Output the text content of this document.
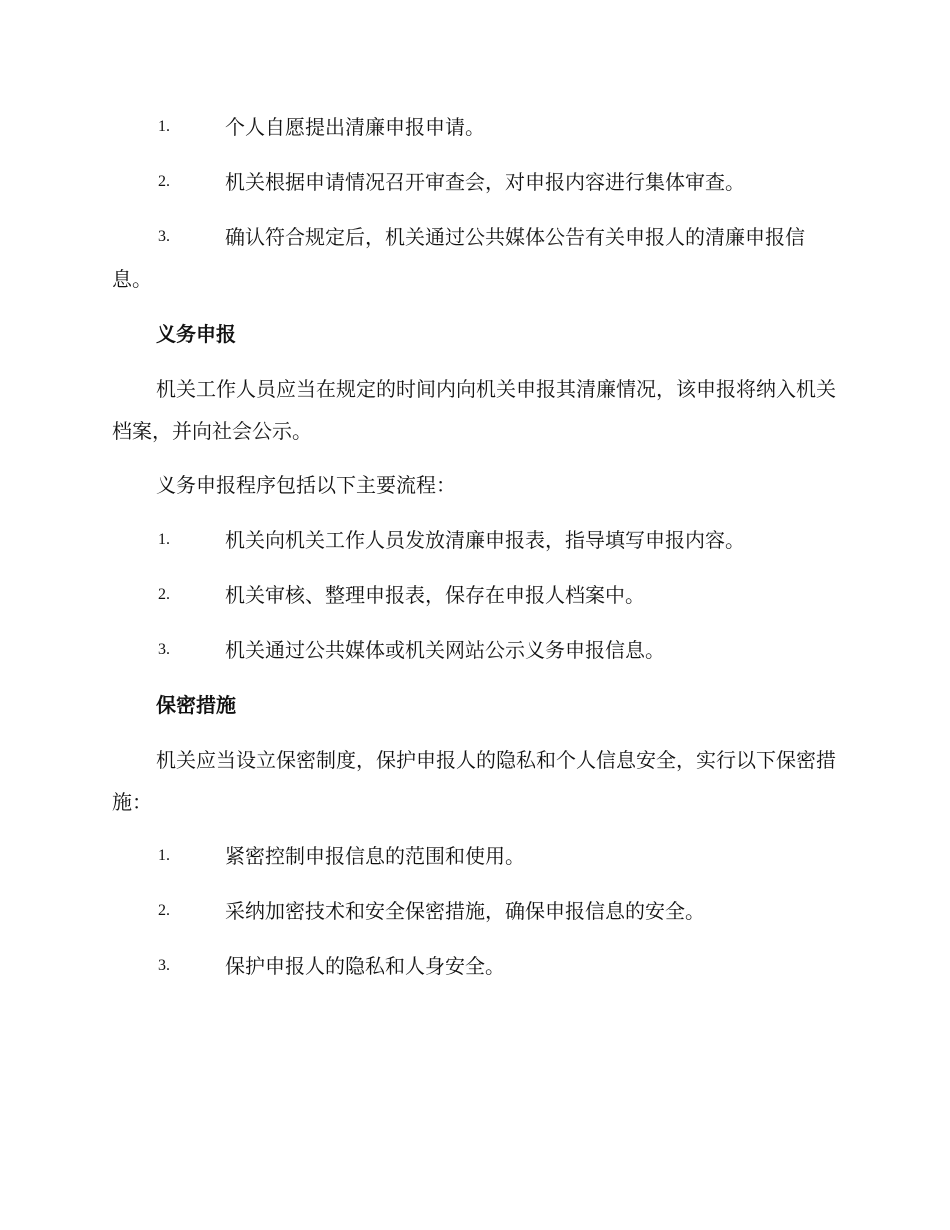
1.	个人自愿提出清廉申报申请。
2.	机关根据申请情况召开审查会，对申报内容进行集体审查。
3.	确认符合规定后，机关通过公共媒体公告有关申报人的清廉申报信息。
义务申报
机关工作人员应当在规定的时间内向机关申报其清廉情况，该申报将纳入机关档案，并向社会公示。
义务申报程序包括以下主要流程：
1.	机关向机关工作人员发放清廉申报表，指导填写申报内容。
2.	机关审核、整理申报表，保存在申报人档案中。
3.	机关通过公共媒体或机关网站公示义务申报信息。
保密措施
机关应当设立保密制度，保护申报人的隐私和个人信息安全，实行以下保密措施：
1.	紧密控制申报信息的范围和使用。
2.	采纳加密技术和安全保密措施，确保申报信息的安全。
3.	保护申报人的隐私和人身安全。
